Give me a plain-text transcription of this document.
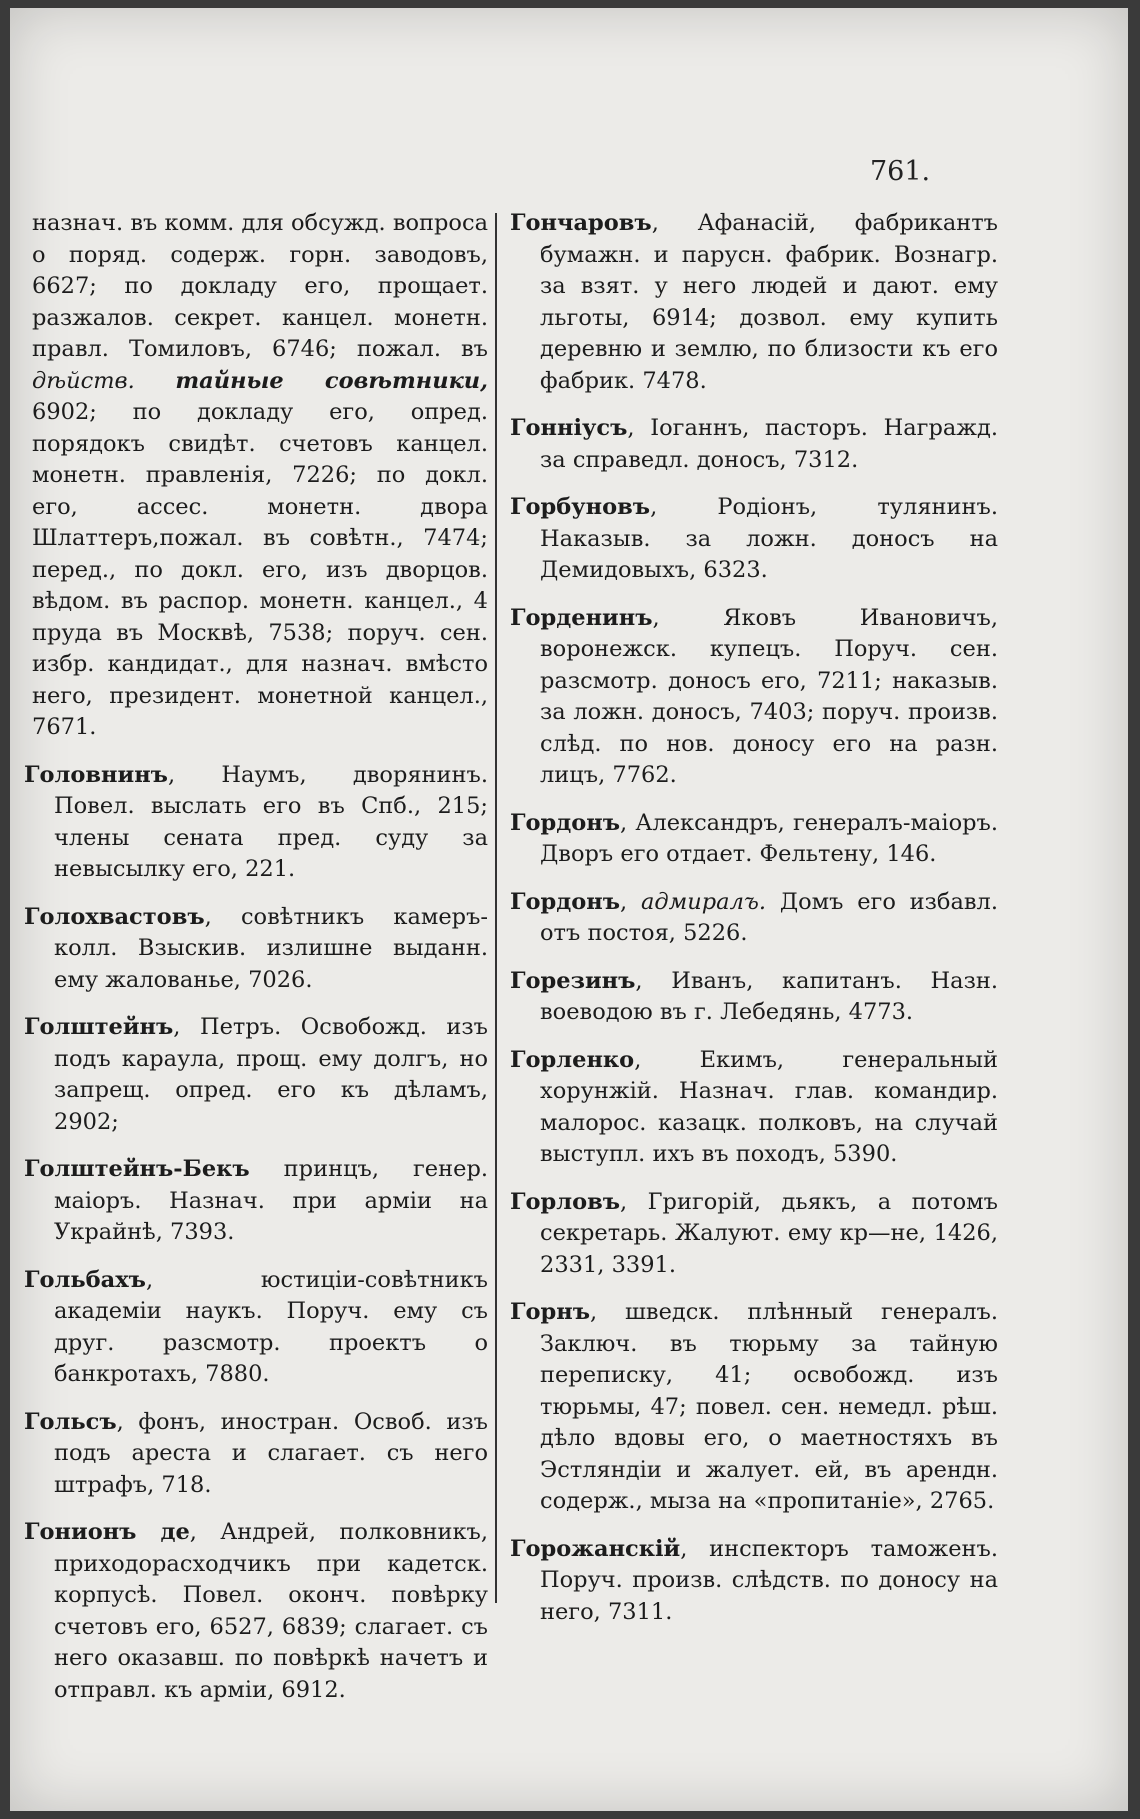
761.

назнач. въ комм. для обсужд. вопроса о поряд. содерж. горн. заводовъ, 6627; по докладу его, прощает. разжалов. секрет. канцел. монетн. правл. Томиловъ, 6746; пожал. въ дѣйств. тайные совѣтники, 6902; по докладу его, опред. порядокъ свидѣт. счетовъ канцел. монетн. правленія, 7226; по докл. его, ассес. монетн. двора Шлаттеръ,пожал. въ совѣтн., 7474; перед., по докл. его, изъ дворцов. вѣдом. въ распор. монетн. канцел., 4 пруда въ Москвѣ, 7538; поруч. сен. избр. кандидат., для назнач. вмѣсто него, президент. монетной канцел., 7671.

Головнинъ, Наумъ, дворянинъ. Повел. выслать его въ Спб., 215; члены сената пред. суду за невысылку его, 221.

Голохвастовъ, совѣтникъ камеръ-колл. Взыскив. излишне выданн. ему жалованье, 7026.

Голштейнъ, Петръ. Освобожд. изъ подъ караула, прощ. ему долгъ, но запрещ. опред. его къ дѣламъ, 2902;

Голштейнъ-Бекъ принцъ, генер. маіоръ. Назнач. при арміи на Украйнѣ, 7393.

Гольбахъ, юстиціи-совѣтникъ академіи наукъ. Поруч. ему съ друг. разсмотр. проектъ о банкротахъ, 7880.

Гольсъ, фонъ, иностран. Освоб. изъ подъ ареста и слагает. съ него штрафъ, 718.

Гонионъ де, Андрей, полковникъ, приходорасходчикъ при кадетск. корпусѣ. Повел. оконч. повѣрку счетовъ его, 6527, 6839; слагает. съ него оказавш. по повѣркѣ начетъ и отправл. къ арміи, 6912.

Гончаровъ, Афанасій, фабрикантъ бумажн. и парусн. фабрик. Вознагр. за взят. у него людей и дают. ему льготы, 6914; дозвол. ему купить деревню и землю, по близости къ его фабрик. 7478.

Гонніусъ, Іоганнъ, пасторъ. Награжд. за справедл. доносъ, 7312.

Горбуновъ, Родіонъ, тулянинъ. Наказыв. за ложн. доносъ на Демидовыхъ, 6323.

Горденинъ, Яковъ Ивановичъ, воронежск. купецъ. Поруч. сен. разсмотр. доносъ его, 7211; наказыв. за ложн. доносъ, 7403; поруч. произв. слѣд. по нов. доносу его на разн. лицъ, 7762.

Гордонъ, Александръ, генералъ-маіоръ. Дворъ его отдает. Фельтену, 146.

Гордонъ, адмиралъ. Домъ его избавл. отъ постоя, 5226.

Горезинъ, Иванъ, капитанъ. Назн. воеводою въ г. Лебедянь, 4773.

Горленко, Екимъ, генеральный хорунжій. Назнач. глав. командир. малорос. казацк. полковъ, на случай выступл. ихъ въ походъ, 5390.

Горловъ, Григорій, дьякъ, а потомъ секретарь. Жалуют. ему кр—не, 1426, 2331, 3391.

Горнъ, шведск. плѣнный генералъ. Заключ. въ тюрьму за тайную переписку, 41; освобожд. изъ тюрьмы, 47; повел. сен. немедл. рѣш. дѣло вдовы его, о маетностяхъ въ Эстляндіи и жалует. ей, въ арендн. содерж., мыза на «пропитаніе», 2765.

Горожанскій, инспекторъ таможенъ. Поруч. произв. слѣдств. по доносу на него, 7311.
